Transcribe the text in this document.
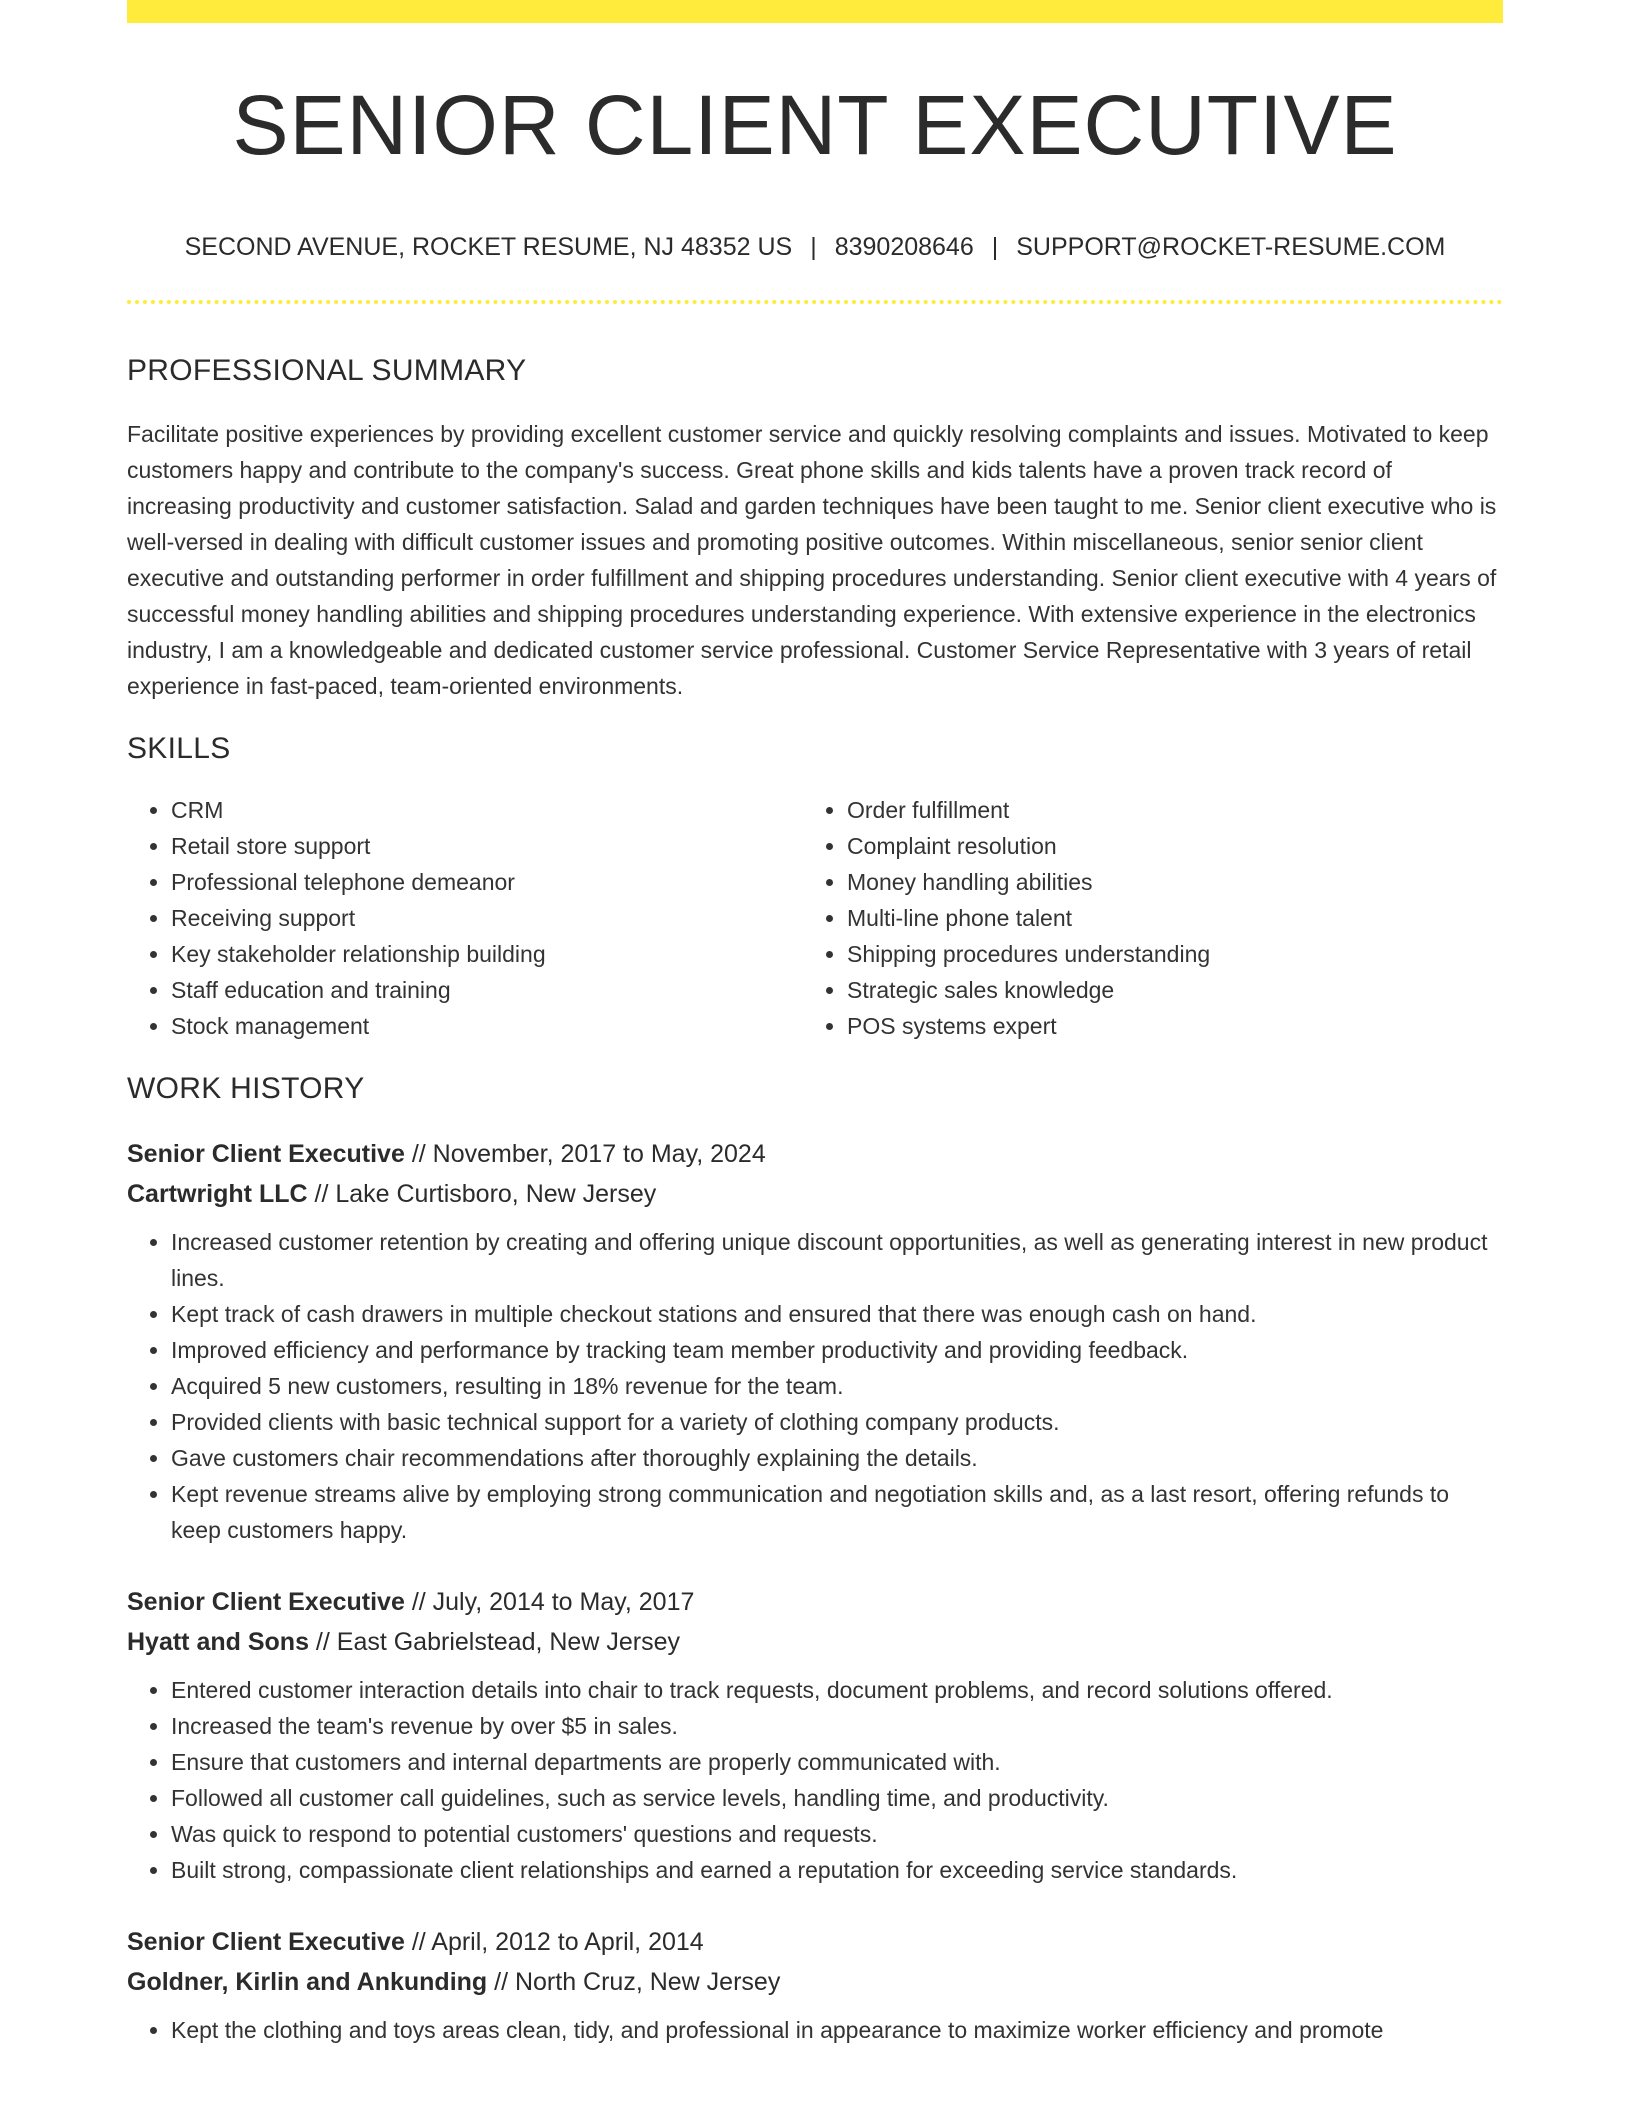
SENIOR CLIENT EXECUTIVE
SECOND AVENUE, ROCKET RESUME, NJ 48352 US | 8390208646 | SUPPORT@ROCKET-RESUME.COM
PROFESSIONAL SUMMARY

Facilitate positive experiences by providing excellent customer service and quickly resolving complaints and issues. Motivated to keep customers happy and contribute to the company's success. Great phone skills and kids talents have a proven track record of increasing productivity and customer satisfaction. Salad and garden techniques have been taught to me. Senior client executive who is well-versed in dealing with difficult customer issues and promoting positive outcomes. Within miscellaneous, senior senior client executive and outstanding performer in order fulfillment and shipping procedures understanding. Senior client executive with 4 years of successful money handling abilities and shipping procedures understanding experience. With extensive experience in the electronics industry, I am a knowledgeable and dedicated customer service professional. Customer Service Representative with 3 years of retail experience in fast-paced, team-oriented environments.

SKILLS
• CRM
• Retail store support
• Professional telephone demeanor
• Receiving support
• Key stakeholder relationship building
• Staff education and training
• Stock management
• Order fulfillment
• Complaint resolution
• Money handling abilities
• Multi-line phone talent
• Shipping procedures understanding
• Strategic sales knowledge
• POS systems expert
WORK HISTORY
Senior Client Executive // November, 2017 to May, 2024
Cartwright LLC // Lake Curtisboro, New Jersey
• Increased customer retention by creating and offering unique discount opportunities, as well as generating interest in new product lines.
• Kept track of cash drawers in multiple checkout stations and ensured that there was enough cash on hand.
• Improved efficiency and performance by tracking team member productivity and providing feedback.
• Acquired 5 new customers, resulting in 18% revenue for the team.
• Provided clients with basic technical support for a variety of clothing company products.
• Gave customers chair recommendations after thoroughly explaining the details.
• Kept revenue streams alive by employing strong communication and negotiation skills and, as a last resort, offering refunds to keep customers happy.
Senior Client Executive // July, 2014 to May, 2017
Hyatt and Sons // East Gabrielstead, New Jersey
• Entered customer interaction details into chair to track requests, document problems, and record solutions offered.
• Increased the team's revenue by over $5 in sales.
• Ensure that customers and internal departments are properly communicated with.
• Followed all customer call guidelines, such as service levels, handling time, and productivity.
• Was quick to respond to potential customers' questions and requests.
• Built strong, compassionate client relationships and earned a reputation for exceeding service standards.
Senior Client Executive // April, 2012 to April, 2014
Goldner, Kirlin and Ankunding // North Cruz, New Jersey
• Kept the clothing and toys areas clean, tidy, and professional in appearance to maximize worker efficiency and promote
